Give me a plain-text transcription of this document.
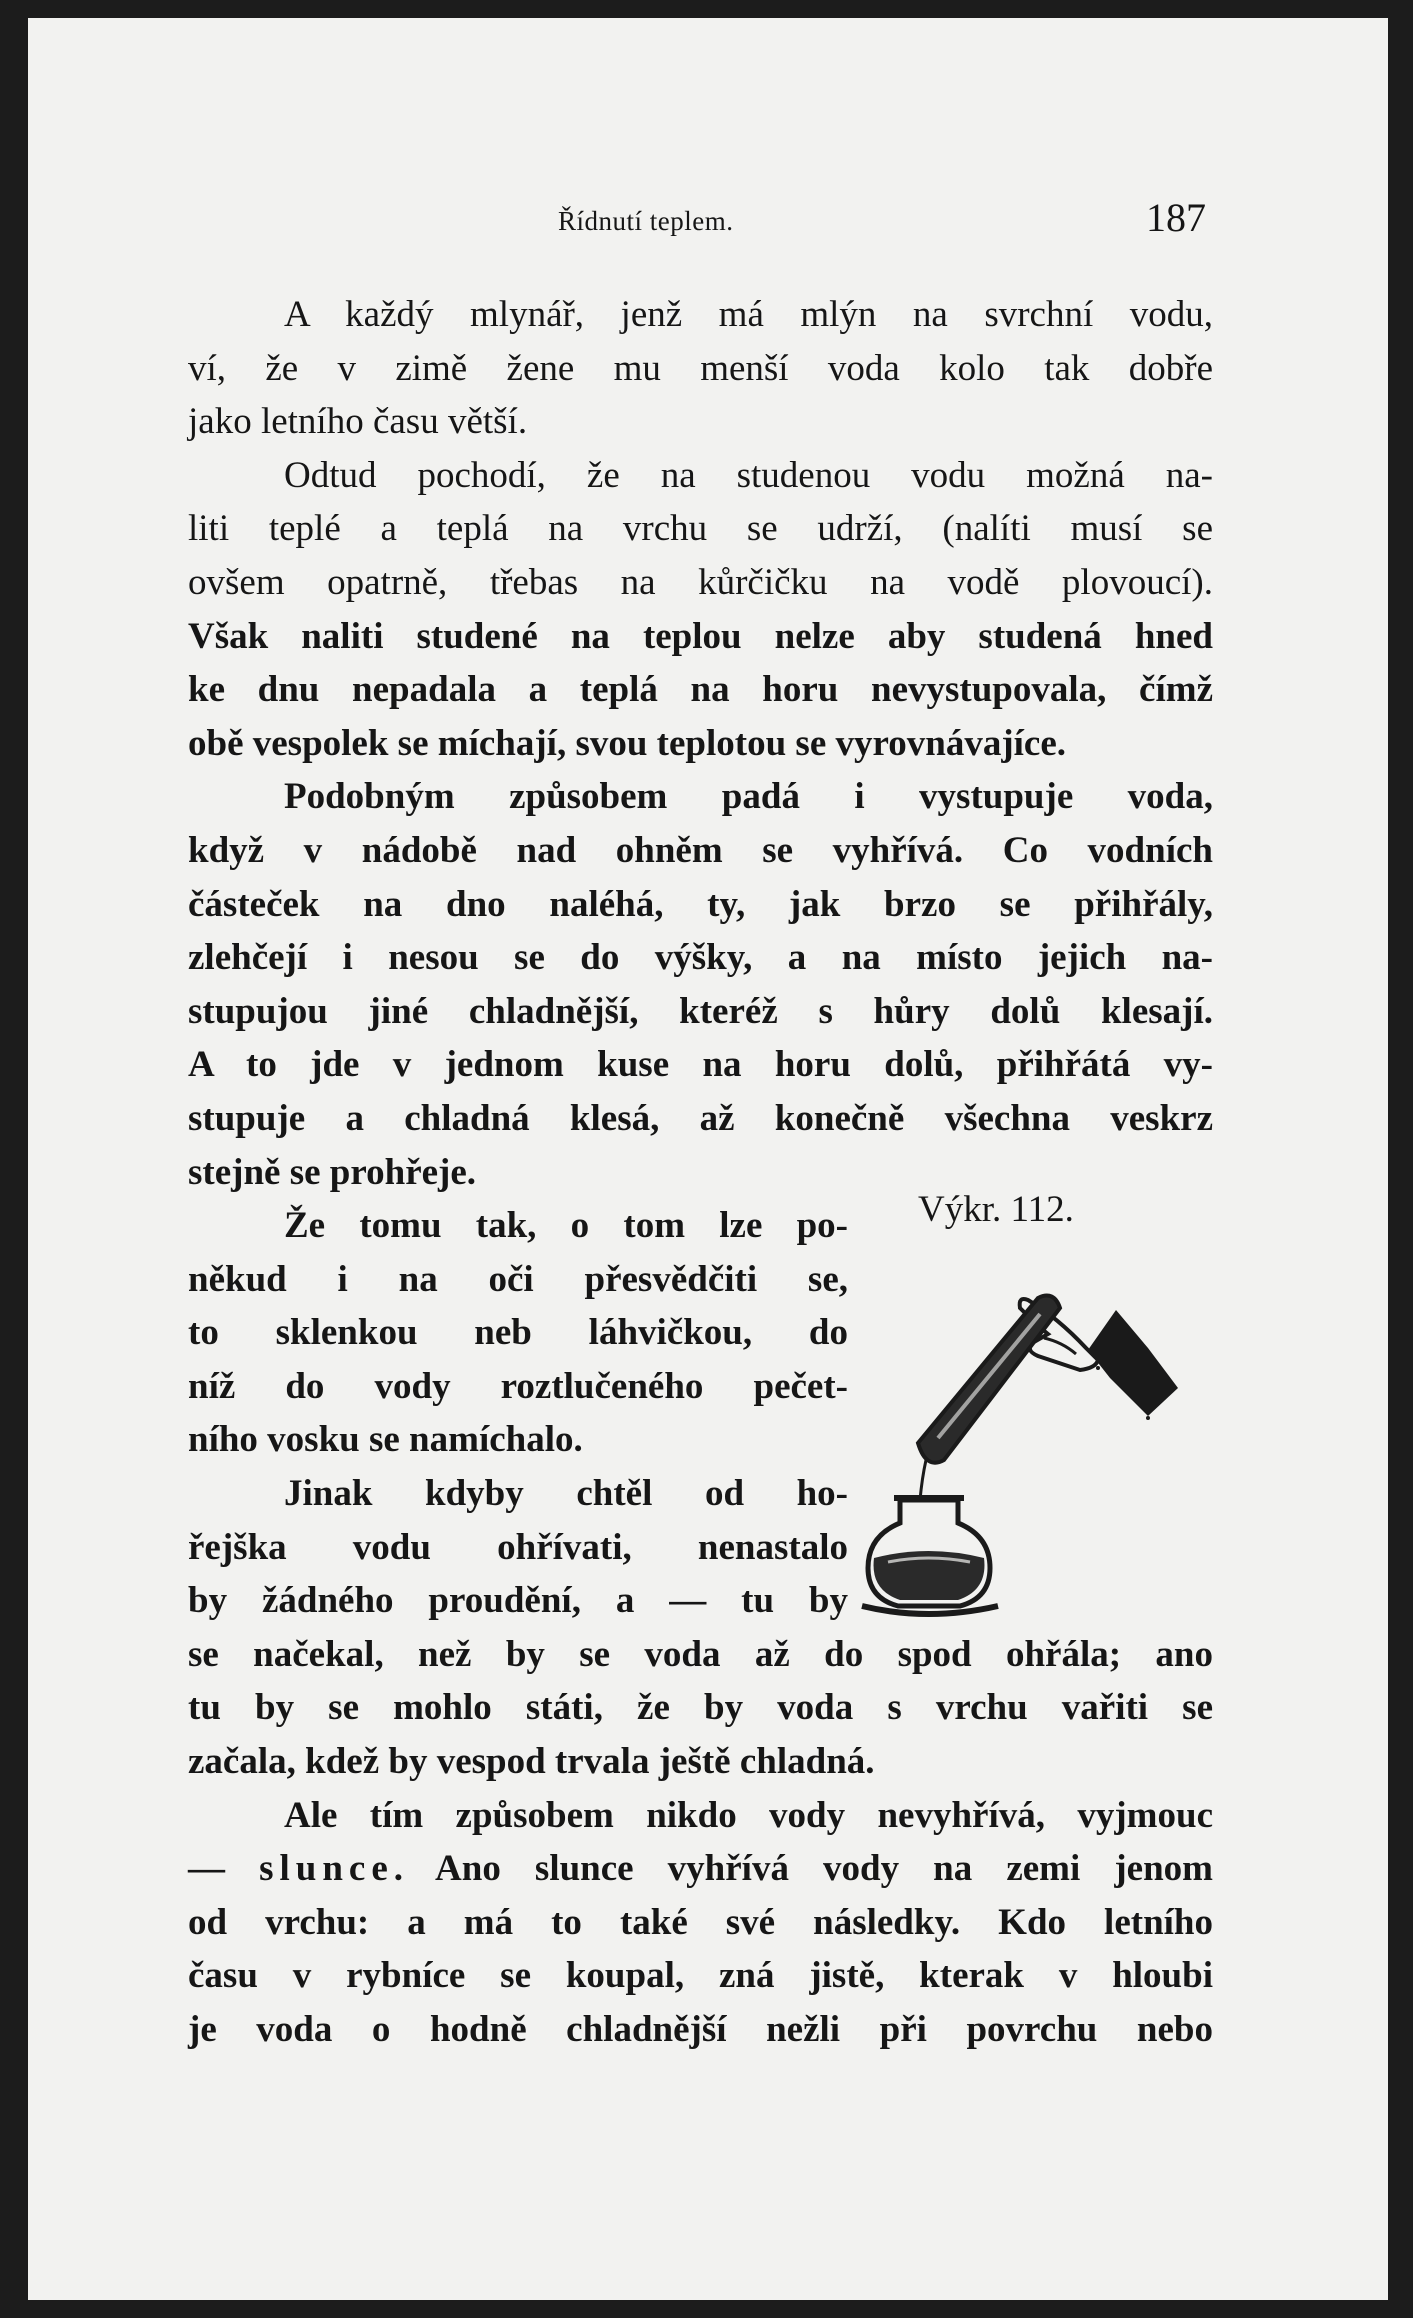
Řídnutí teplem.	187
A každý mlynář, jenž má mlýn na svrchní vodu,
ví, že v zimě žene mu menší voda kolo tak dobře
jako letního času větší.
Odtud pochodí, že na studenou vodu možná na-
liti teplé a teplá na vrchu se udrží, (nalíti musí se
ovšem opatrně, třebas na kůrčičku na vodě plovoucí).
Však naliti studené na teplou nelze aby studená hned
ke dnu nepadala a teplá na horu nevystupovala, čímž
obě vespolek se míchají, svou teplotou se vyrovnávajíce.
Podobným způsobem padá i vystupuje voda,
když v nádobě nad ohněm se vyhřívá. Co vodních
částeček na dno naléhá, ty, jak brzo se přihřály,
zlehčejí i nesou se do výšky, a na místo jejich na-
stupujou jiné chladnější, kteréž s hůry dolů klesají.
A to jde v jednom kuse na horu dolů, přihřátá vy-
stupuje a chladná klesá, až konečně všechna veskrz
stejně se prohřeje.
Že tomu tak, o tom lze po-
někud i na oči přesvědčiti se,
to sklenkou neb láhvičkou, do
níž do vody roztlučeného pečet-
ního vosku se namíchalo.
Jinak kdyby chtěl od ho-
řejška vodu ohřívati, nenastalo
by žádného proudění, a — tu by
se načekal, než by se voda až do spod ohřála; ano
tu by se mohlo státi, že by voda s vrchu vařiti se
začala, kdež by vespod trvala ještě chladná.
Ale tím způsobem nikdo vody nevyhřívá, vyjmouc
— slunce. Ano slunce vyhřívá vody na zemi jenom
od vrchu: a má to také své následky. Kdo letního
času v rybníce se koupal, zná jistě, kterak v hloubi
je voda o hodně chladnější nežli při povrchu nebo
Výkr. 112.
